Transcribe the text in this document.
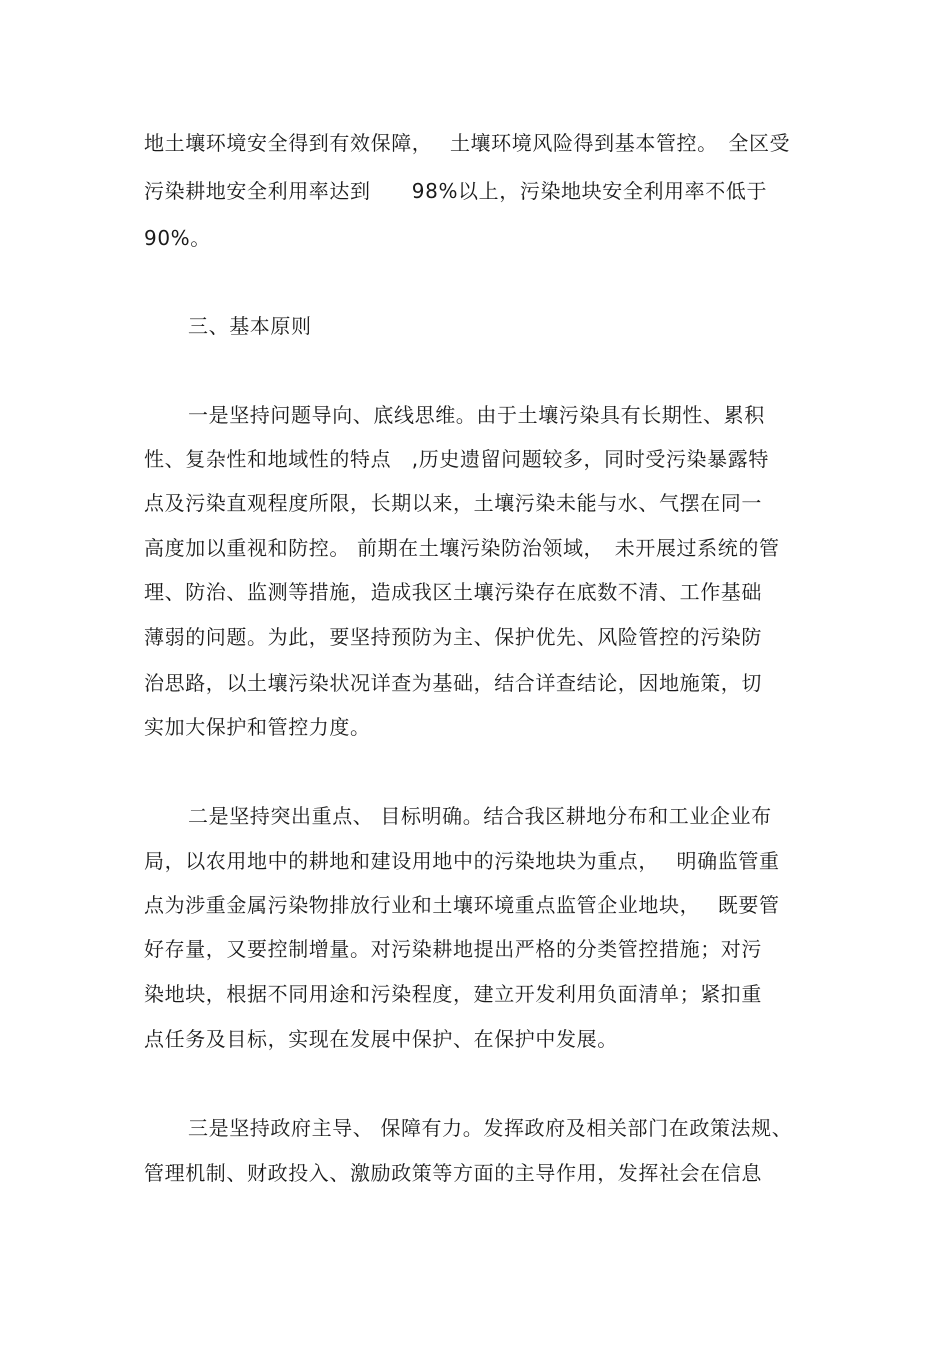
地土壤环境安全得到有效保障，　 土壤环境风险得到基本管控。　全区受
污染耕地安全利用率达到　　98%以上，污染地块安全利用率不低于
90%。
三、基本原则
一是坚持问题导向、底线思维。由于土壤污染具有长期性、累积
性、复杂性和地域性的特点　,历史遗留问题较多，同时受污染暴露特
点及污染直观程度所限，长期以来，土壤污染未能与水、气摆在同一
高度加以重视和防控。 前期在土壤污染防治领域，　未开展过系统的管
理、防治、监测等措施，造成我区土壤污染存在底数不清、工作基础
薄弱的问题。为此，要坚持预防为主、保护优先、风险管控的污染防
治思路，以土壤污染状况详查为基础，结合详查结论，因地施策，切
实加大保护和管控力度。
二是坚持突出重点、 目标明确。结合我区耕地分布和工业企业布
局，以农用地中的耕地和建设用地中的污染地块为重点，　 明确监管重
点为涉重金属污染物排放行业和土壤环境重点监管企业地块，　 既要管
好存量，又要控制增量。对污染耕地提出严格的分类管控措施；对污
染地块，根据不同用途和污染程度，建立开发利用负面清单；紧扣重
点任务及目标，实现在发展中保护、在保护中发展。
三是坚持政府主导、 保障有力。发挥政府及相关部门在政策法规、
管理机制、财政投入、激励政策等方面的主导作用，发挥社会在信息
